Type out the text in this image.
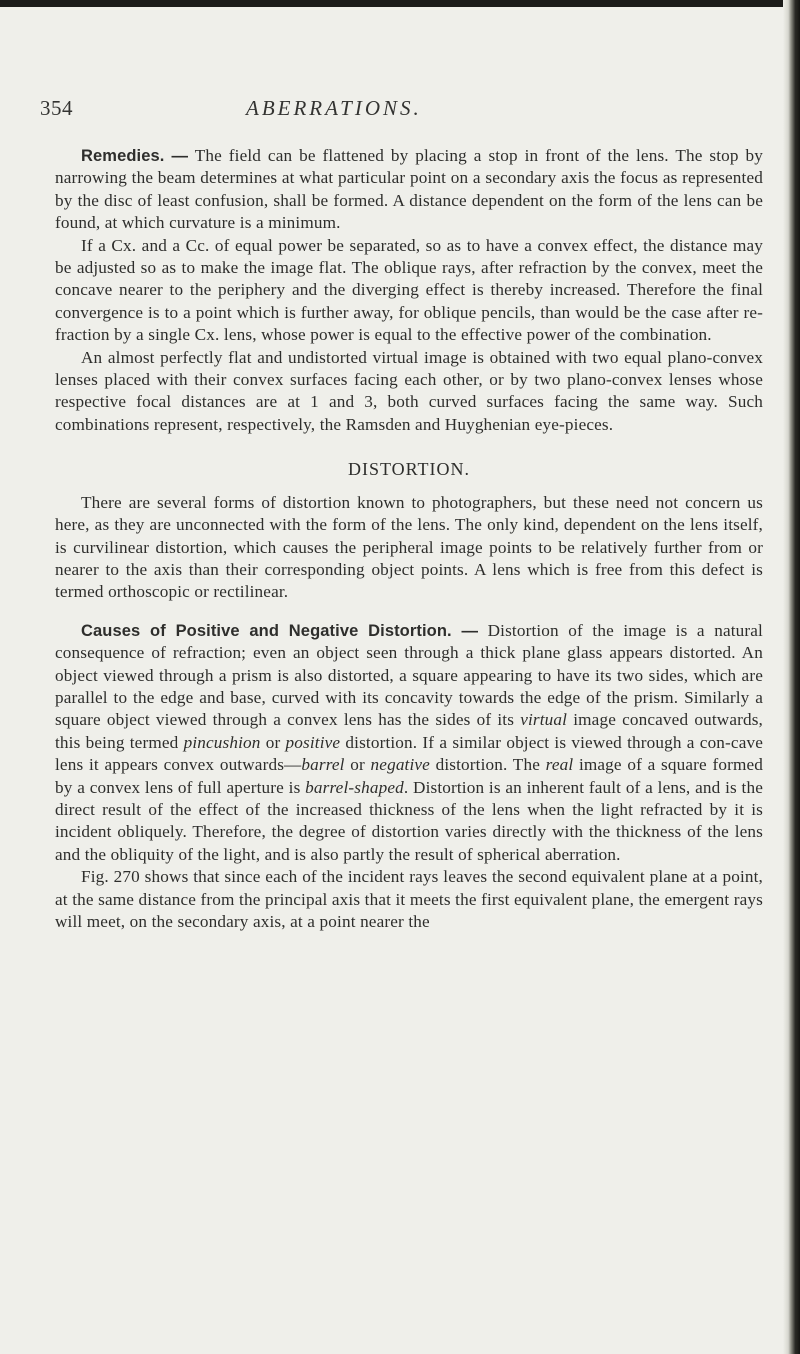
354	ABERRATIONS.

Remedies. — The field can be flattened by placing a stop in front of the lens. The stop by narrowing the beam determines at what particular point on a secondary axis the focus as represented by the disc of least confusion, shall be formed. A distance dependent on the form of the lens can be found, at which curvature is a minimum.

If a Cx. and a Cc. of equal power be separated, so as to have a convex effect, the distance may be adjusted so as to make the image flat. The oblique rays, after refraction by the convex, meet the concave nearer to the periphery and the diverging effect is thereby increased. Therefore the final convergence is to a point which is further away, for oblique pencils, than would be the case after re-fraction by a single Cx. lens, whose power is equal to the effective power of the combination.

An almost perfectly flat and undistorted virtual image is obtained with two equal plano-convex lenses placed with their convex surfaces facing each other, or by two plano-convex lenses whose respective focal distances are at 1 and 3, both curved surfaces facing the same way. Such combinations represent, respectively, the Ramsden and Huyghenian eye-pieces.

DISTORTION.

There are several forms of distortion known to photographers, but these need not concern us here, as they are unconnected with the form of the lens. The only kind, dependent on the lens itself, is curvilinear distortion, which causes the peripheral image points to be relatively further from or nearer to the axis than their corresponding object points. A lens which is free from this defect is termed orthoscopic or rectilinear.

Causes of Positive and Negative Distortion. — Distortion of the image is a natural consequence of refraction; even an object seen through a thick plane glass appears distorted. An object viewed through a prism is also distorted, a square appearing to have its two sides, which are parallel to the edge and base, curved with its concavity towards the edge of the prism. Similarly a square object viewed through a convex lens has the sides of its virtual image concaved outwards, this being termed pincushion or positive distortion. If a similar object is viewed through a con-cave lens it appears convex outwards—barrel or negative distortion. The real image of a square formed by a convex lens of full aperture is barrel-shaped. Distortion is an inherent fault of a lens, and is the direct result of the effect of the increased thickness of the lens when the light refracted by it is incident obliquely. Therefore, the degree of distortion varies directly with the thickness of the lens and the obliquity of the light, and is also partly the result of spherical aberration.

Fig. 270 shows that since each of the incident rays leaves the second equivalent plane at a point, at the same distance from the principal axis that it meets the first equivalent plane, the emergent rays will meet, on the secondary axis, at a point nearer the
